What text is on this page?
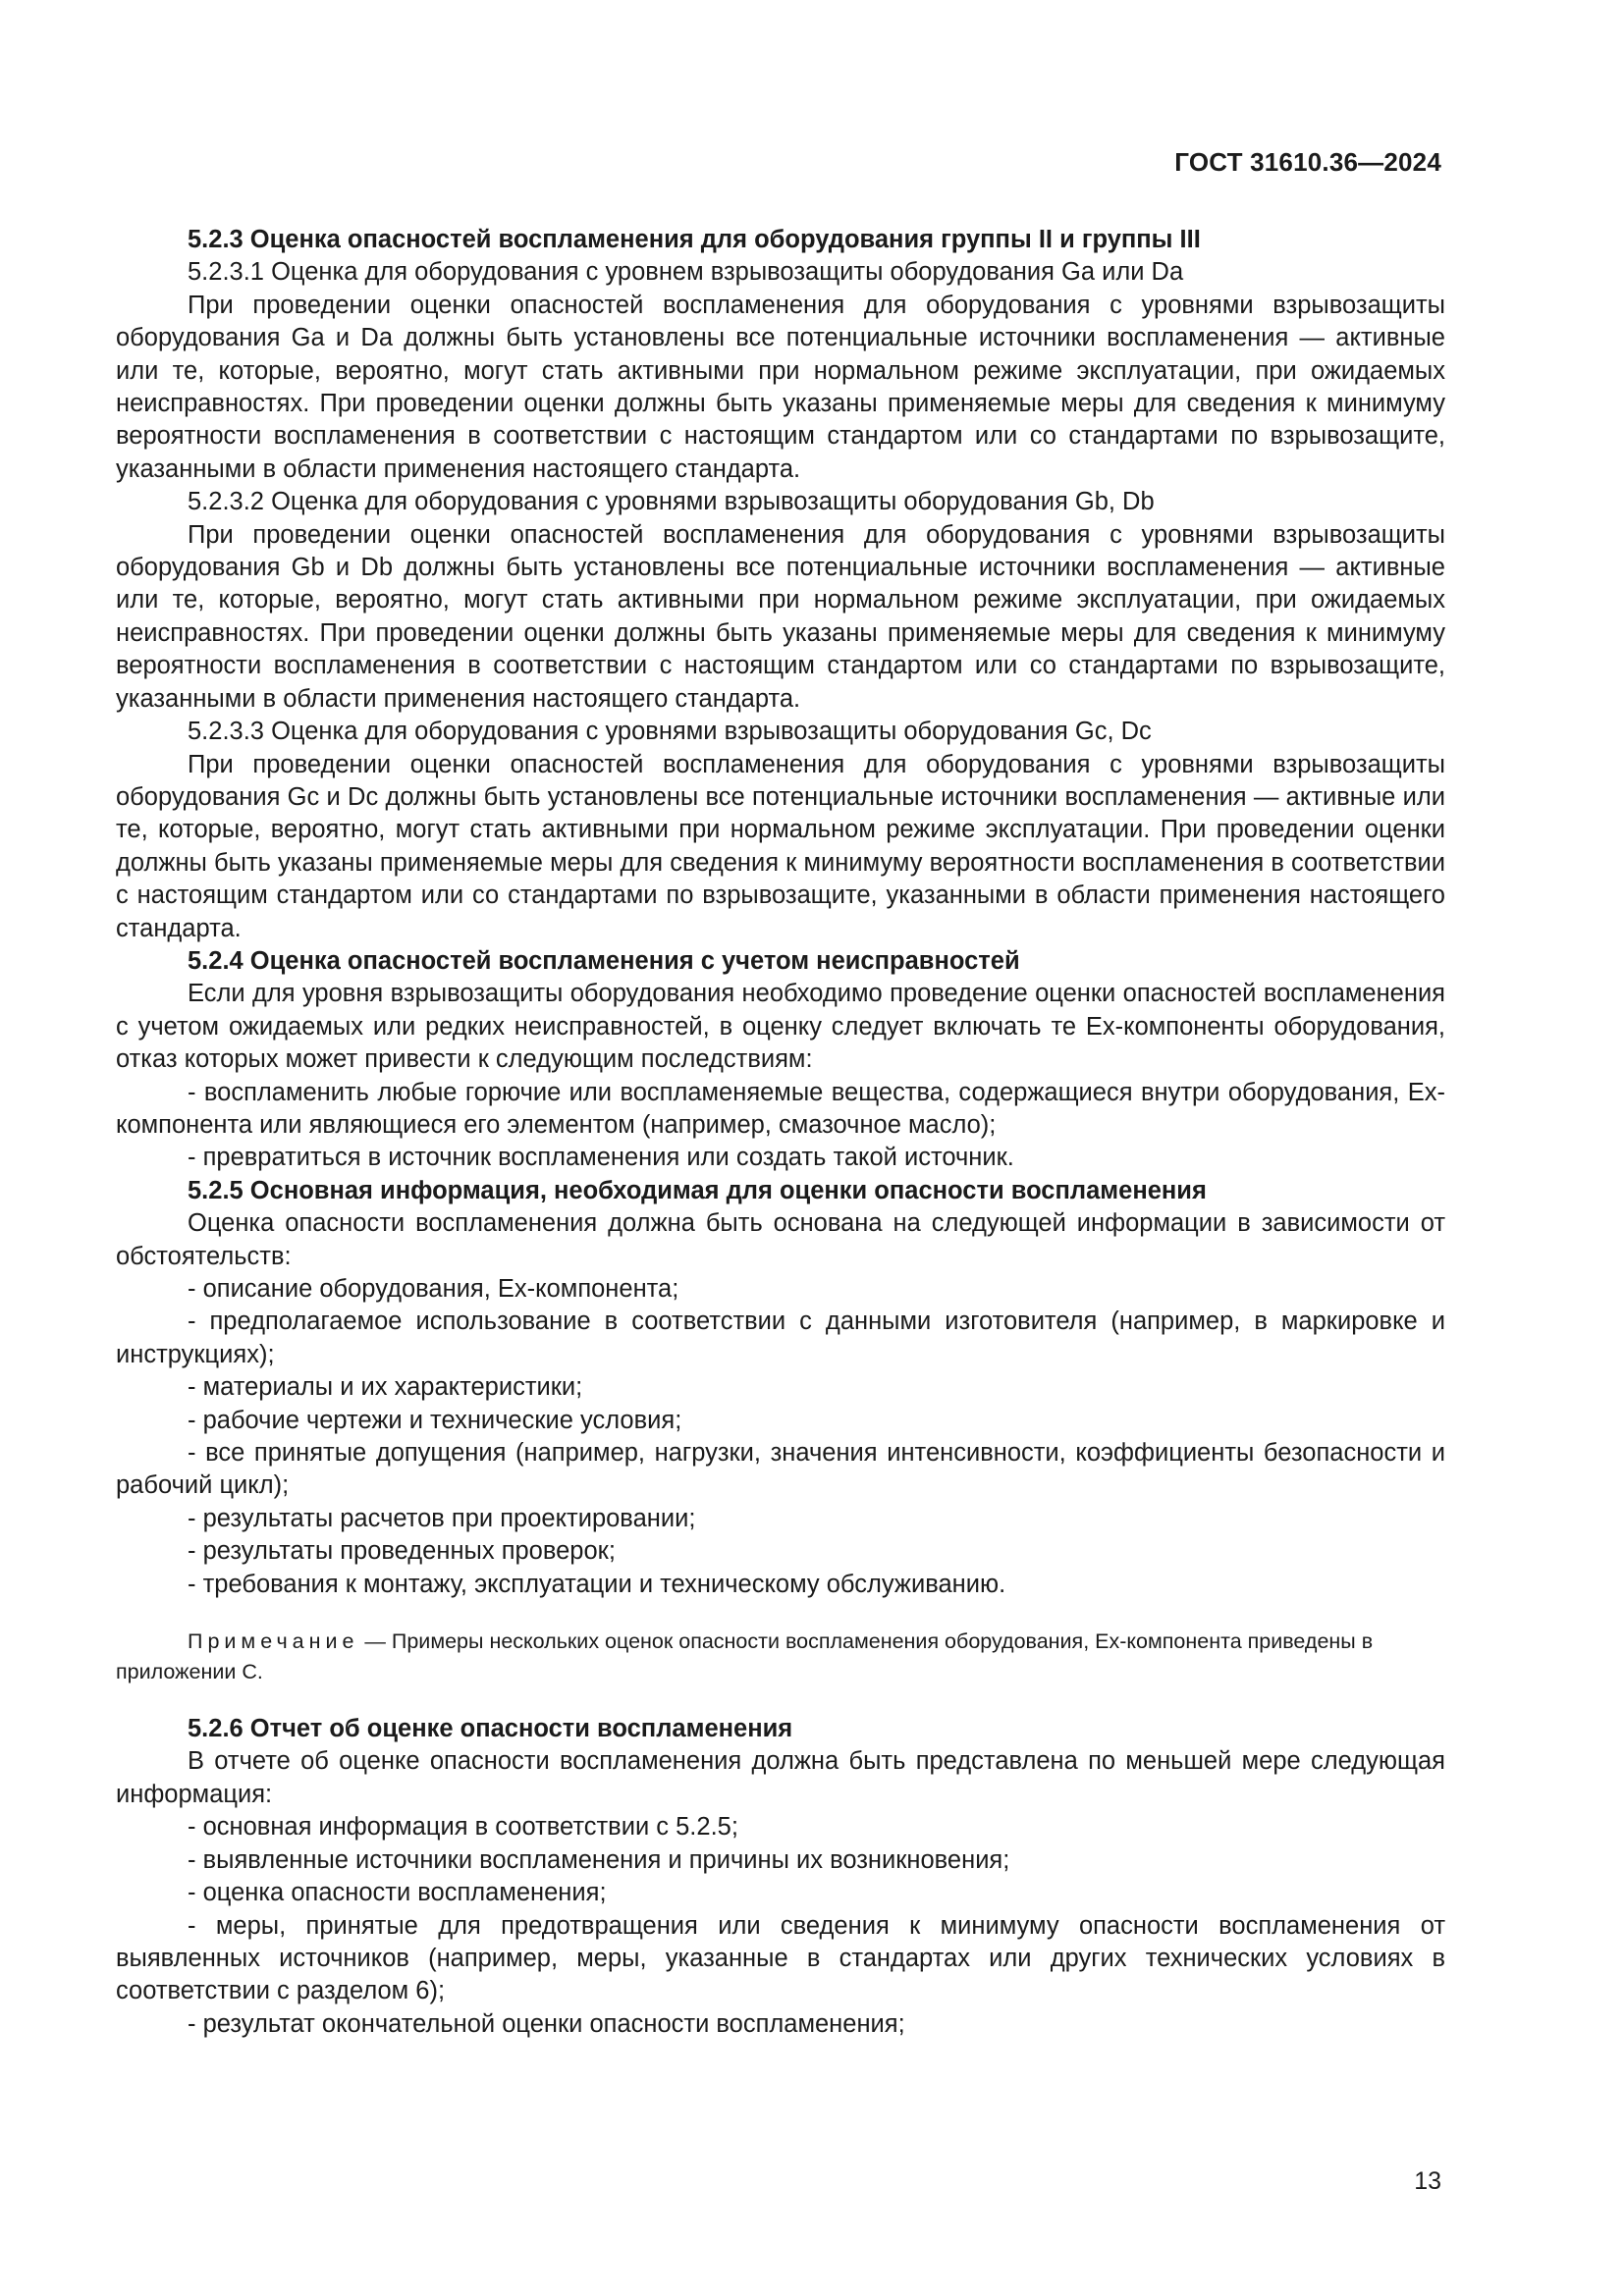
ГОСТ 31610.36—2024

5.2.3 Оценка опасностей воспламенения для оборудования группы II и группы III

5.2.3.1 Оценка для оборудования с уровнем взрывозащиты оборудования Ga или Da

При проведении оценки опасностей воспламенения для оборудования с уровнями взрывозащиты оборудования Ga и Da должны быть установлены все потенциальные источники воспламенения — активные или те, которые, вероятно, могут стать активными при нормальном режиме эксплуатации, при ожидаемых неисправностях. При проведении оценки должны быть указаны применяемые меры для сведения к минимуму вероятности воспламенения в соответствии с настоящим стандартом или со стандартами по взрывозащите, указанными в области применения настоящего стандарта.

5.2.3.2 Оценка для оборудования с уровнями взрывозащиты оборудования Gb, Db

При проведении оценки опасностей воспламенения для оборудования с уровнями взрывозащиты оборудования Gb и Db должны быть установлены все потенциальные источники воспламенения — активные или те, которые, вероятно, могут стать активными при нормальном режиме эксплуатации, при ожидаемых неисправностях. При проведении оценки должны быть указаны применяемые меры для сведения к минимуму вероятности воспламенения в соответствии с настоящим стандартом или со стандартами по взрывозащите, указанными в области применения настоящего стандарта.

5.2.3.3 Оценка для оборудования с уровнями взрывозащиты оборудования Gc, Dc

При проведении оценки опасностей воспламенения для оборудования с уровнями взрывозащиты оборудования Gc и Dc должны быть установлены все потенциальные источники воспламенения — активные или те, которые, вероятно, могут стать активными при нормальном режиме эксплуатации. При проведении оценки должны быть указаны применяемые меры для сведения к минимуму вероятности воспламенения в соответствии с настоящим стандартом или со стандартами по взрывозащите, указанными в области применения настоящего стандарта.

5.2.4 Оценка опасностей воспламенения с учетом неисправностей

Если для уровня взрывозащиты оборудования необходимо проведение оценки опасностей воспламенения с учетом ожидаемых или редких неисправностей, в оценку следует включать те Ex-компоненты оборудования, отказ которых может привести к следующим последствиям:

- воспламенить любые горючие или воспламеняемые вещества, содержащиеся внутри оборудования, Ex-компонента или являющиеся его элементом (например, смазочное масло);

- превратиться в источник воспламенения или создать такой источник.

5.2.5 Основная информация, необходимая для оценки опасности воспламенения

Оценка опасности воспламенения должна быть основана на следующей информации в зависимости от обстоятельств:

- описание оборудования, Ex-компонента;

- предполагаемое использование в соответствии с данными изготовителя (например, в маркировке и инструкциях);

- материалы и их характеристики;

- рабочие чертежи и технические условия;

- все принятые допущения (например, нагрузки, значения интенсивности, коэффициенты безопасности и рабочий цикл);

- результаты расчетов при проектировании;

- результаты проведенных проверок;

- требования к монтажу, эксплуатации и техническому обслуживанию.

Примечание — Примеры нескольких оценок опасности воспламенения оборудования, Ex-компонента приведены в приложении С.

5.2.6 Отчет об оценке опасности воспламенения

В отчете об оценке опасности воспламенения должна быть представлена по меньшей мере следующая информация:

- основная информация в соответствии с 5.2.5;

- выявленные источники воспламенения и причины их возникновения;

- оценка опасности воспламенения;

- меры, принятые для предотвращения или сведения к минимуму опасности воспламенения от выявленных источников (например, меры, указанные в стандартах или других технических условиях в соответствии с разделом 6);

- результат окончательной оценки опасности воспламенения;

13
